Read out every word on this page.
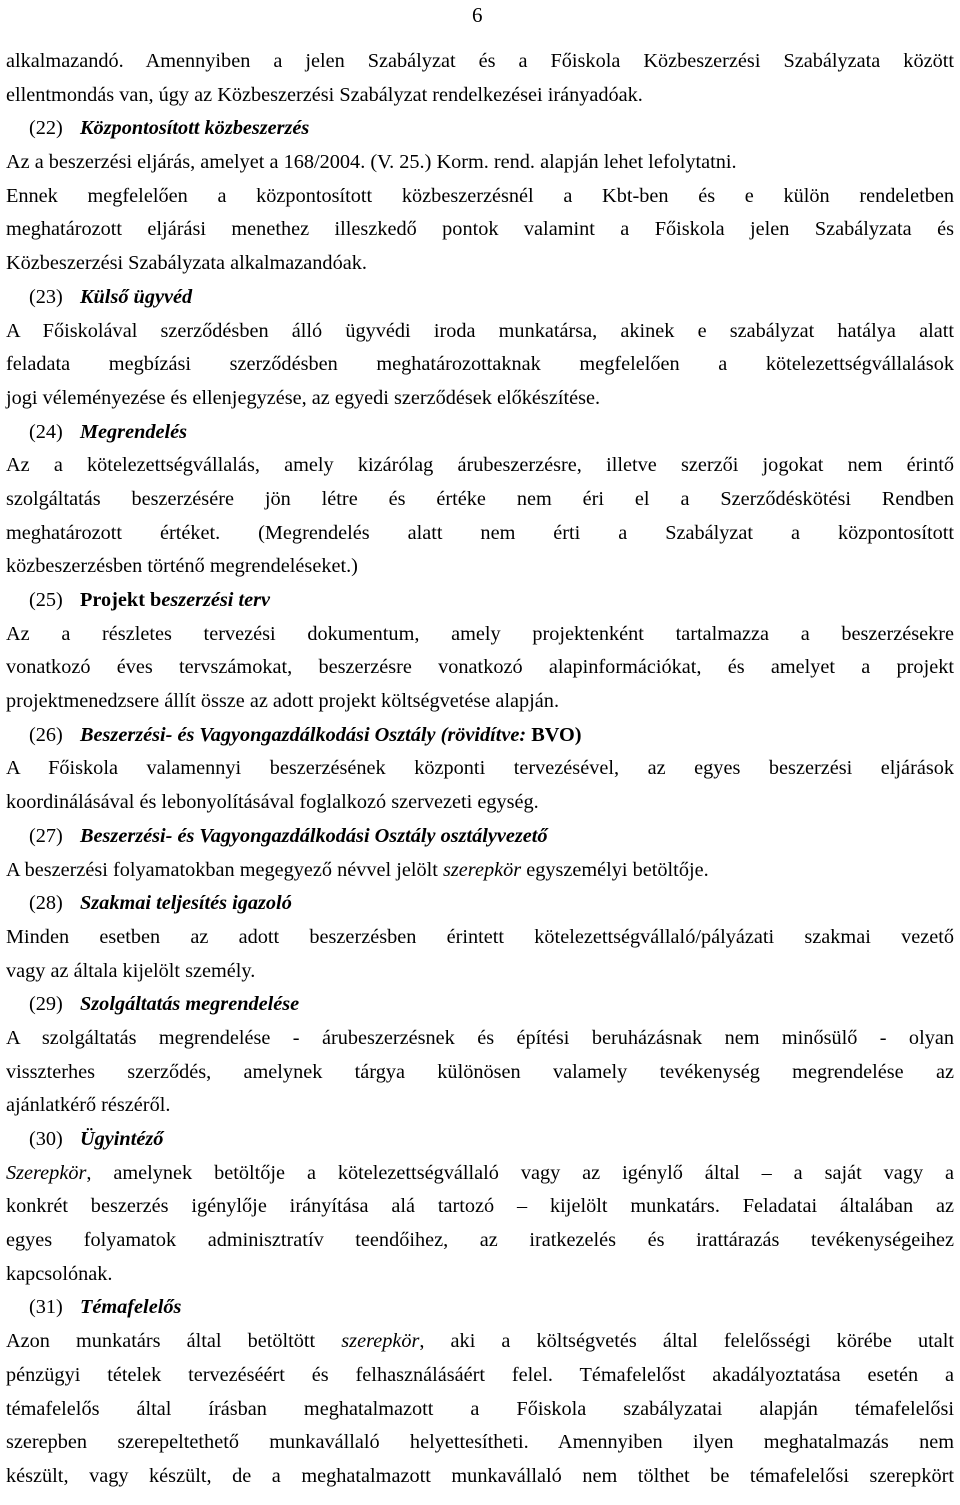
6
alkalmazandó. Amennyiben a jelen Szabályzat és a Főiskola Közbeszerzési Szabályzata között
ellentmondás van, úgy az Közbeszerzési Szabályzat rendelkezései irányadóak.
(22) Központosított közbeszerzés
Az a beszerzési eljárás, amelyet a 168/2004. (V. 25.) Korm. rend. alapján lehet lefolytatni.
Ennek megfelelően a központosított közbeszerzésnél a Kbt-ben és e külön rendeletben
meghatározott eljárási menethez illeszkedő pontok valamint a Főiskola jelen Szabályzata és
Közbeszerzési Szabályzata alkalmazandóak.
(23) Külső ügyvéd
A Főiskolával szerződésben álló ügyvédi iroda munkatársa, akinek e szabályzat hatálya alatt
feladata megbízási szerződésben meghatározottaknak megfelelően a kötelezettségvállalások
jogi véleményezése és ellenjegyzése, az egyedi szerződések előkészítése.
(24) Megrendelés
Az a kötelezettségvállalás, amely kizárólag árubeszerzésre, illetve szerzői jogokat nem érintő
szolgáltatás beszerzésére jön létre és értéke nem éri el a Szerződéskötési Rendben
meghatározott értéket. (Megrendelés alatt nem érti a Szabályzat a központosított
közbeszerzésben történő megrendeléseket.)
(25) Projekt beszerzési terv
Az a részletes tervezési dokumentum, amely projektenként tartalmazza a beszerzésekre
vonatkozó éves tervszámokat, beszerzésre vonatkozó alapinformációkat, és amelyet a projekt
projektmenedzsere állít össze az adott projekt költségvetése alapján.
(26) Beszerzési- és Vagyongazdálkodási Osztály (rövidítve: BVO)
A Főiskola valamennyi beszerzésének központi tervezésével, az egyes beszerzési eljárások
koordinálásával és lebonyolításával foglalkozó szervezeti egység.
(27) Beszerzési- és Vagyongazdálkodási Osztály osztályvezető
A beszerzési folyamatokban megegyező névvel jelölt szerepkör egyszemélyi betöltője.
(28) Szakmai teljesítés igazoló
Minden esetben az adott beszerzésben érintett kötelezettségvállaló/pályázati szakmai vezető
vagy az általa kijelölt személy.
(29) Szolgáltatás megrendelése
A szolgáltatás megrendelése - árubeszerzésnek és építési beruházásnak nem minősülő - olyan
visszterhes szerződés, amelynek tárgya különösen valamely tevékenység megrendelése az
ajánlatkérő részéről.
(30) Ügyintéző
Szerepkör, amelynek betöltője a kötelezettségvállaló vagy az igénylő által – a saját vagy a
konkrét beszerzés igénylője irányítása alá tartozó – kijelölt munkatárs. Feladatai általában az
egyes folyamatok adminisztratív teendőihez, az iratkezelés és irattárazás tevékenységeihez
kapcsolónak.
(31) Témafelelős
Azon munkatárs által betöltött szerepkör, aki a költségvetés által felelősségi körébe utalt
pénzügyi tételek tervezéséért és felhasználásáért felel. Témafelelőst akadályoztatása esetén a
témafelelős által írásban meghatalmazott a Főiskola szabályzatai alapján témafelelősi
szerepben szerepeltethető munkavállaló helyettesítheti. Amennyiben ilyen meghatalmazás nem
készült, vagy készült, de a meghatalmazott munkavállaló nem tölthet be témafelelősi szerepkört
